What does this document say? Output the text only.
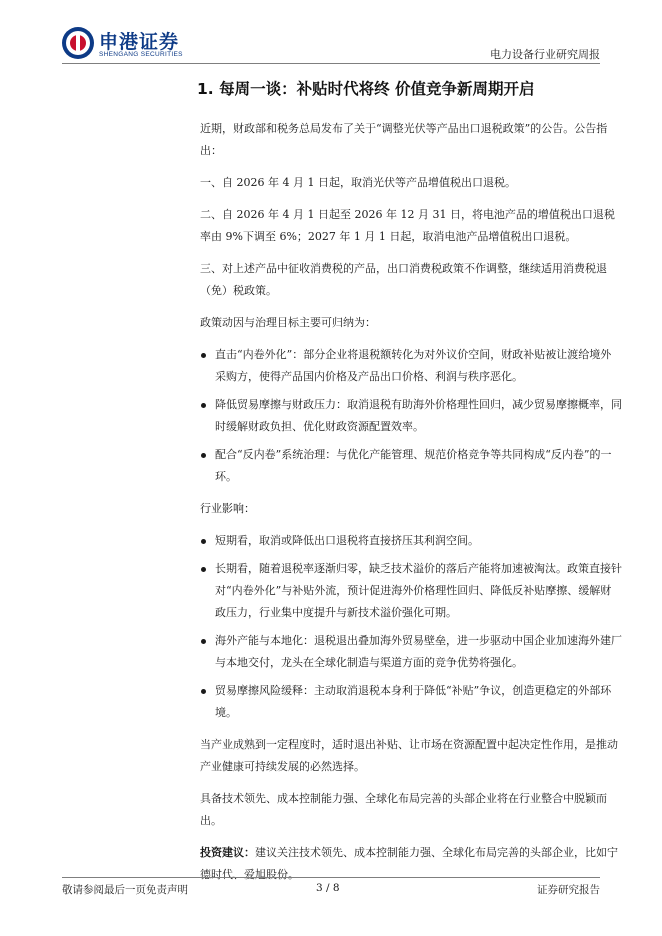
申港证券
SHENGANG SECURITIES	电力设备行业研究周报
1. 每周一谈：补贴时代将终 价值竞争新周期开启

近期，财政部和税务总局发布了关于“调整光伏等产品出口退税政策”的公告。公告指出：

一、自 2026 年 4 月 1 日起，取消光伏等产品增值税出口退税。

二、自 2026 年 4 月 1 日起至 2026 年 12 月 31 日，将电池产品的增值税出口退税率由 9%下调至 6%；2027 年 1 月 1 日起，取消电池产品增值税出口退税。

三、对上述产品中征收消费税的产品，出口消费税政策不作调整，继续适用消费税退（免）税政策。

政策动因与治理目标主要可归纳为：

直击“内卷外化”：部分企业将退税额转化为对外议价空间，财政补贴被让渡给境外采购方，使得产品国内价格及产品出口价格、利润与秩序恶化。
降低贸易摩擦与财政压力：取消退税有助海外价格理性回归，减少贸易摩擦概率，同时缓解财政负担、优化财政资源配置效率。
配合“反内卷”系统治理：与优化产能管理、规范价格竞争等共同构成“反内卷”的一环。

行业影响：

短期看，取消或降低出口退税将直接挤压其利润空间。
长期看，随着退税率逐渐归零，缺乏技术溢价的落后产能将加速被淘汰。政策直接针对“内卷外化”与补贴外流，预计促进海外价格理性回归、降低反补贴摩擦、缓解财政压力，行业集中度提升与新技术溢价强化可期。
海外产能与本地化：退税退出叠加海外贸易壁垒，进一步驱动中国企业加速海外建厂与本地交付，龙头在全球化制造与渠道方面的竞争优势将强化。
贸易摩擦风险缓释：主动取消退税本身利于降低“补贴”争议，创造更稳定的外部环境。

当产业成熟到一定程度时，适时退出补贴、让市场在资源配置中起决定性作用，是推动产业健康可持续发展的必然选择。

具备技术领先、成本控制能力强、全球化布局完善的头部企业将在行业整合中脱颖而出。

投资建议：建议关注技术领先、成本控制能力强、全球化布局完善的头部企业，比如宁德时代、爱旭股份。

敬请参阅最后一页免责声明	3 / 8	证券研究报告
